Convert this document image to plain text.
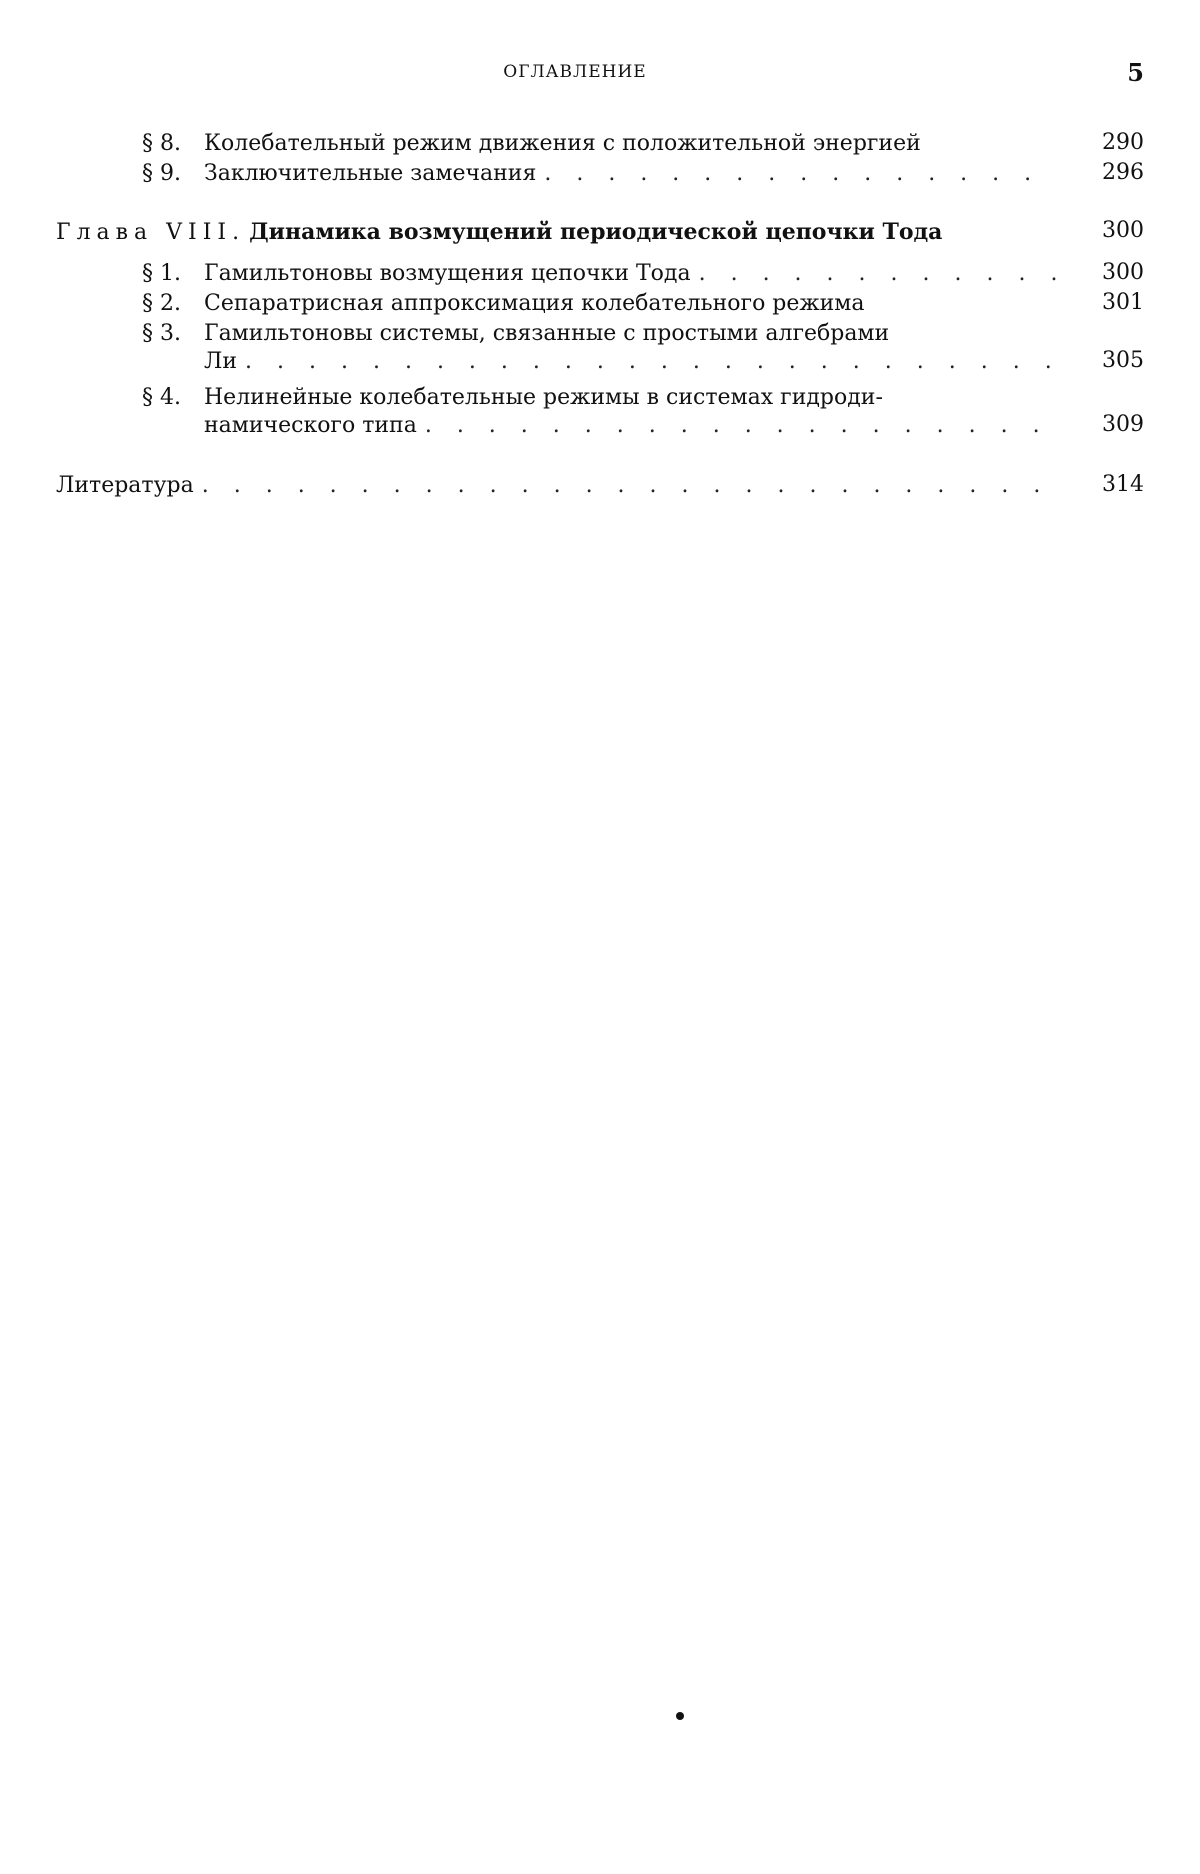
ОГЛАВЛЕНИЕ	5
§ 8.	Колебательный режим движения с положительной энергией	290
§ 9.	Заключительные замечания . . .	296
Глава VIII. Динамика возмущений периодической цепочки Тода	300
§ 1.	Гамильтоновы возмущения цепочки Тода . . .	300
§ 2.	Сепаратрисная аппроксимация колебательного режима	301
§ 3.	Гамильтоновы системы, связанные с простыми алгебрами
Ли . . .	305
§ 4.	Нелинейные колебательные режимы в системах гидроди-
намического типа . . .	309
Литература . . .	314
